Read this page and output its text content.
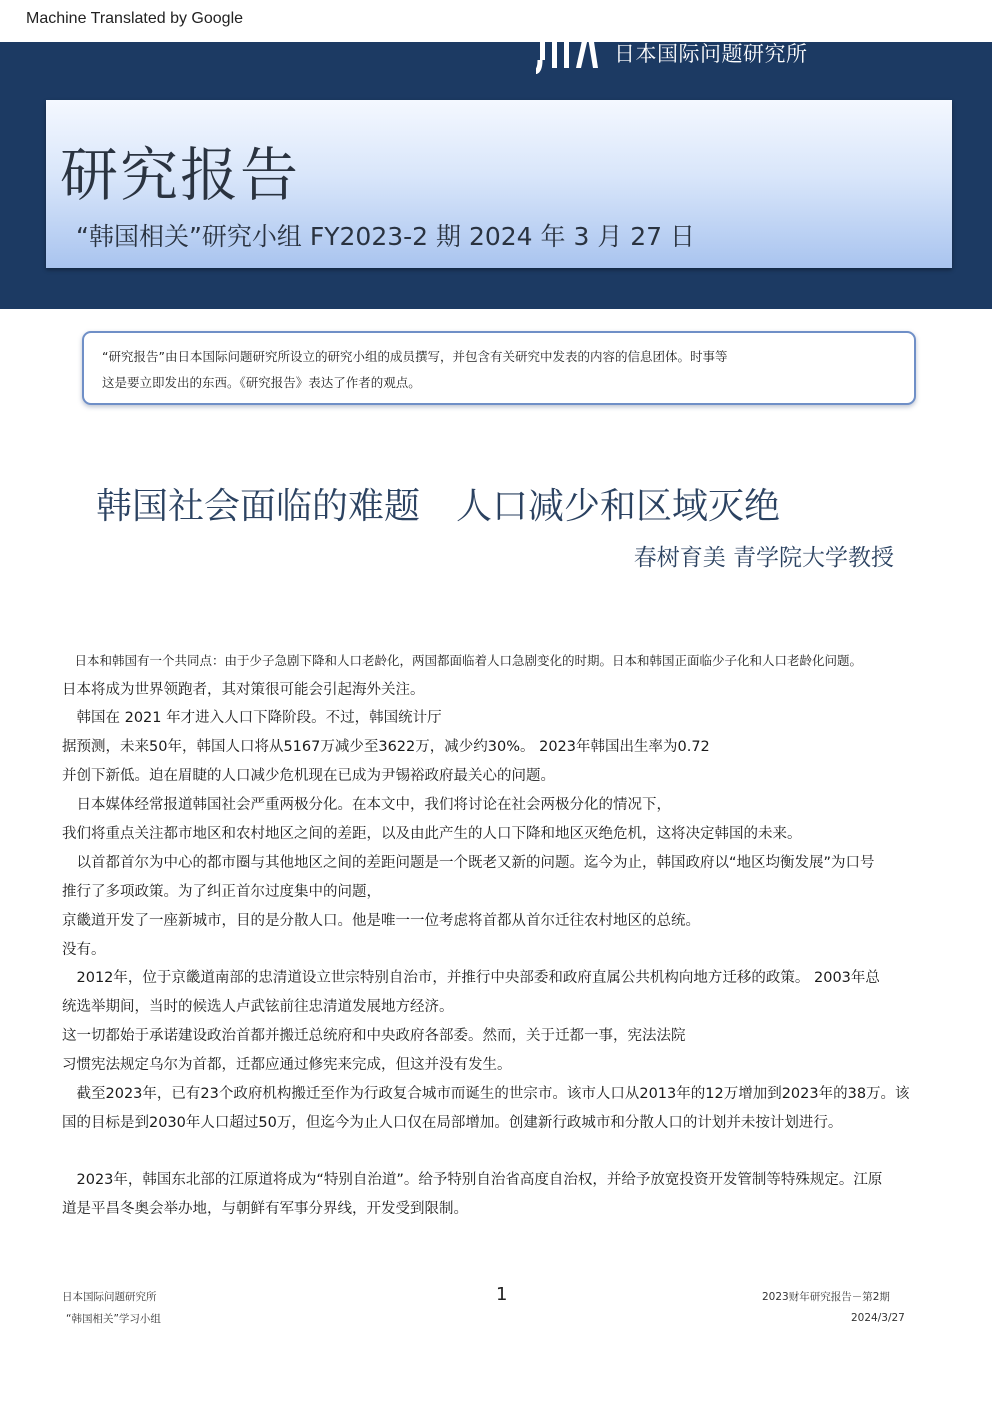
Machine Translated by Google
日本国际问题研究所
研究报告
“韩国相关”研究小组 FY2023-2 期 2024 年 3 月 27 日

“研究报告”由日本国际问题研究所设立的研究小组的成员撰写，并包含有关研究中发表的内容的信息团体。时事等

这是要立即发出的东西。《研究报告》表达了作者的观点。

韩国社会面临的难题　人口减少和区域灭绝
春树育美 青学院大学教授
　日本和韩国有一个共同点：由于少子急剧下降和人口老龄化，两国都面临着人口急剧变化的时期。日本和韩国正面临少子化和人口老龄化问题。
日本将成为世界领跑者，其对策很可能会引起海外关注。
　韩国在 2021 年才进入人口下降阶段。不过，韩国统计厅
据预测，未来50年，韩国人口将从5167万减少至3622万，减少约30%。 2023年韩国出生率为0.72
并创下新低。迫在眉睫的人口减少危机现在已成为尹锡裕政府最关心的问题。
　日本媒体经常报道韩国社会严重两极分化。在本文中，我们将讨论在社会两极分化的情况下，
我们将重点关注都市地区和农村地区之间的差距，以及由此产生的人口下降和地区灭绝危机，这将决定韩国的未来。
　以首都首尔为中心的都市圈与其他地区之间的差距问题是一个既老又新的问题。迄今为止，韩国政府以“地区均衡发展”为口号
推行了多项政策。为了纠正首尔过度集中的问题，
京畿道开发了一座新城市，目的是分散人口。他是唯一一位考虑将首都从首尔迁往农村地区的总统。
没有。
　2012年，位于京畿道南部的忠清道设立世宗特别自治市，并推行中央部委和政府直属公共机构向地方迁移的政策。 2003年总
统选举期间，当时的候选人卢武铉前往忠清道发展地方经济。
这一切都始于承诺建设政治首都并搬迁总统府和中央政府各部委。然而，关于迁都一事，宪法法院
习惯宪法规定乌尔为首都，迁都应通过修宪来完成，但这并没有发生。
　截至2023年，已有23个政府机构搬迁至作为行政复合城市而诞生的世宗市。该市人口从2013年的12万增加到2023年的38万。该
国的目标是到2030年人口超过50万，但迄今为止人口仅在局部增加。创建新行政城市和分散人口的计划并未按计划进行。
　2023年，韩国东北部的江原道将成为“特别自治道”。给予特别自治省高度自治权，并给予放宽投资开发管制等特殊规定。江原
道是平昌冬奥会举办地，与朝鲜有军事分界线，开发受到限制。
日本国际问题研究所
“韩国相关”学习小组
1	2023财年研究报告－第2期
2024/3/27
